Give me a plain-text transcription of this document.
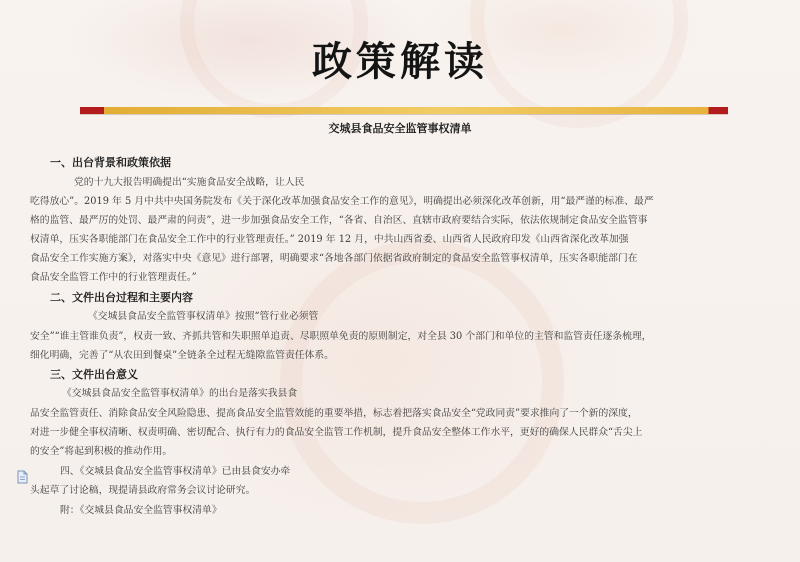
政策解读
交城县食品安全监管事权清单
一、出台背景和政策依据
党的十九大报告明确提出“实施食品安全战略，让人民
吃得放心”。2019 年 5 月中共中央国务院发布《关于深化改革加强食品安全工作的意见》，明确提出必须深化改革创新，用“最严谨的标准、最严
格的监管、最严厉的处罚、最严肃的问责”，进一步加强食品安全工作，“各省、自治区、直辖市政府要结合实际，依法依规制定食品安全监管事
权清单，压实各职能部门在食品安全工作中的行业管理责任。” 2019 年 12 月，中共山西省委、山西省人民政府印发《山西省深化改革加强
食品安全工作实施方案》，对落实中央《意见》进行部署，明确要求“各地各部门依据省政府制定的食品安全监管事权清单，压实各职能部门在
食品安全监管工作中的行业管理责任。”
二、文件出台过程和主要内容
《交城县食品安全监管事权清单》按照“管行业必须管
安全”“谁主管谁负责”，权责一致、齐抓共管和失职照单追责、尽职照单免责的原则制定，对全县 30 个部门和单位的主管和监管责任逐条梳理，
细化明确，完善了“从农田到餐桌”全链条全过程无缝隙监管责任体系。
三、文件出台意义
《交城县食品安全监管事权清单》的出台是落实我县食
品安全监管责任、消除食品安全风险隐患、提高食品安全监管效能的重要举措，标志着把落实食品安全“党政同责”要求推向了一个新的深度，
对进一步健全事权清晰、权责明确、密切配合、执行有力的食品安全监管工作机制，提升食品安全整体工作水平，更好的确保人民群众“舌尖上
的安全”将起到积极的推动作用。
四、《交城县食品安全监管事权清单》已由县食安办牵
头起草了讨论稿，现提请县政府常务会议讨论研究。
附：《交城县食品安全监管事权清单》
